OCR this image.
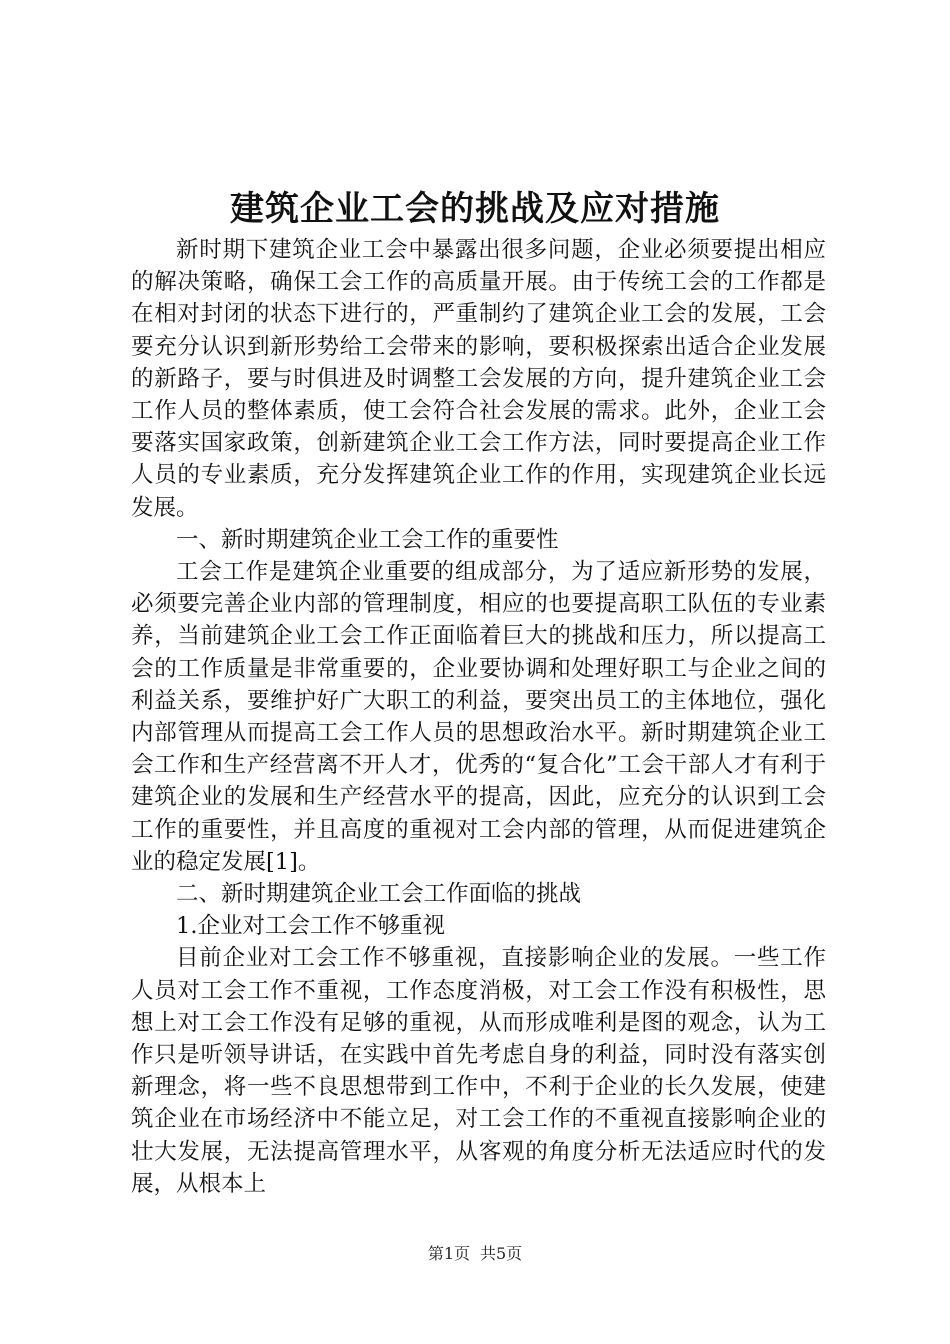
建筑企业工会的挑战及应对措施

新时期下建筑企业工会中暴露出很多问题，企业必须要提出相应的解决策略，确保工会工作的高质量开展。由于传统工会的工作都是在相对封闭的状态下进行的，严重制约了建筑企业工会的发展，工会要充分认识到新形势给工会带来的影响，要积极探索出适合企业发展的新路子，要与时俱进及时调整工会发展的方向，提升建筑企业工会工作人员的整体素质，使工会符合社会发展的需求。此外，企业工会要落实国家政策，创新建筑企业工会工作方法，同时要提高企业工作人员的专业素质，充分发挥建筑企业工作的作用，实现建筑企业长远发展。

一、新时期建筑企业工会工作的重要性

工会工作是建筑企业重要的组成部分，为了适应新形势的发展，必须要完善企业内部的管理制度，相应的也要提高职工队伍的专业素养，当前建筑企业工会工作正面临着巨大的挑战和压力，所以提高工会的工作质量是非常重要的，企业要协调和处理好职工与企业之间的利益关系，要维护好广大职工的利益，要突出员工的主体地位，强化内部管理从而提高工会工作人员的思想政治水平。新时期建筑企业工会工作和生产经营离不开人才，优秀的“复合化”工会干部人才有利于建筑企业的发展和生产经营水平的提高，因此，应充分的认识到工会工作的重要性，并且高度的重视对工会内部的管理，从而促进建筑企业的稳定发展[1]。

二、新时期建筑企业工会工作面临的挑战

1.企业对工会工作不够重视

目前企业对工会工作不够重视，直接影响企业的发展。一些工作人员对工会工作不重视，工作态度消极，对工会工作没有积极性，思想上对工会工作没有足够的重视，从而形成唯利是图的观念，认为工作只是听领导讲话，在实践中首先考虑自身的利益，同时没有落实创新理念，将一些不良思想带到工作中，不利于企业的长久发展，使建筑企业在市场经济中不能立足，对工会工作的不重视直接影响企业的壮大发展，无法提高管理水平，从客观的角度分析无法适应时代的发展，从根本上

第1页 共5页
